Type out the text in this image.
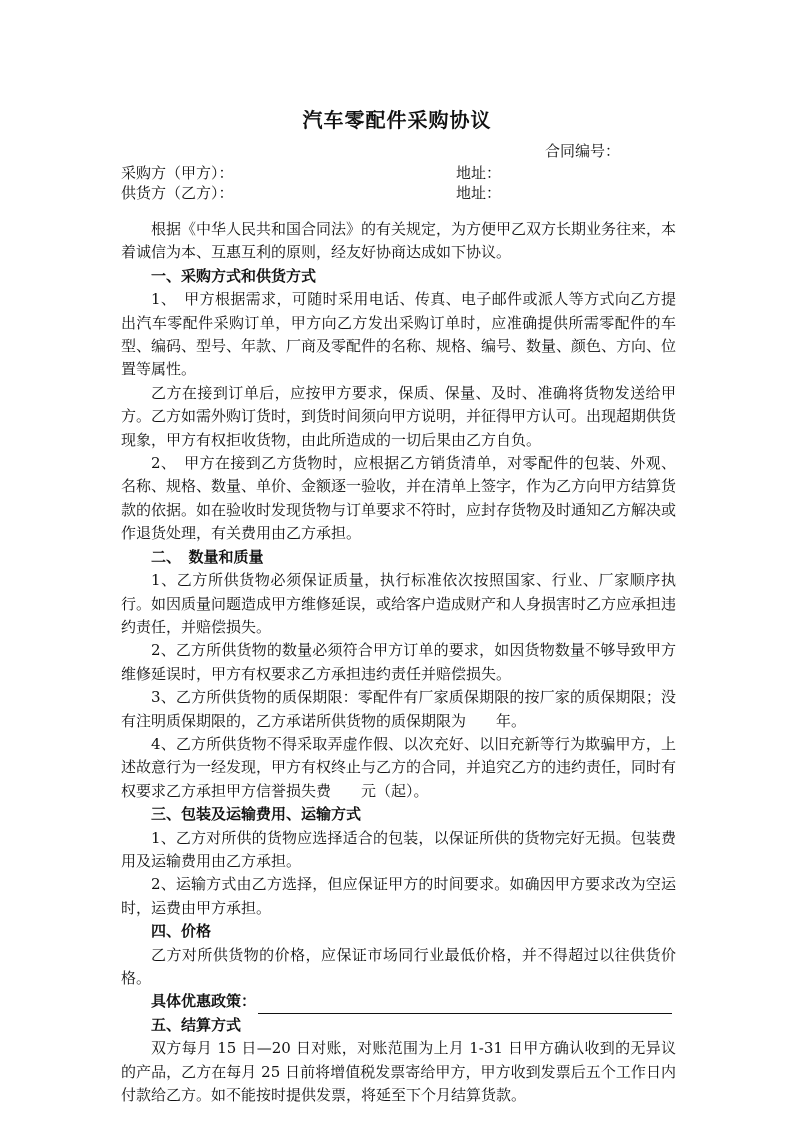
汽车零配件采购协议
合同编号：
采购方（甲方）：	地址：
供货方（乙方）：	地址：

根据《中华人民共和国合同法》的有关规定，为方便甲乙双方长期业务往来，本着诚信为本、互惠互利的原则，经友好协商达成如下协议。

一、采购方式和供货方式

1、　甲方根据需求，可随时采用电话、传真、电子邮件或派人等方式向乙方提出汽车零配件采购订单，甲方向乙方发出采购订单时，应准确提供所需零配件的车型、编码、型号、年款、厂商及零配件的名称、规格、编号、数量、颜色、方向、位置等属性。

乙方在接到订单后，应按甲方要求，保质、保量、及时、准确将货物发送给甲方。乙方如需外购订货时，到货时间须向甲方说明，并征得甲方认可。出现超期供货现象，甲方有权拒收货物，由此所造成的一切后果由乙方自负。

2、　甲方在接到乙方货物时，应根据乙方销货清单，对零配件的包装、外观、名称、规格、数量、单价、金额逐一验收，并在清单上签字，作为乙方向甲方结算货款的依据。如在验收时发现货物与订单要求不符时，应封存货物及时通知乙方解决或作退货处理，有关费用由乙方承担。

二、　数量和质量

1、乙方所供货物必须保证质量，执行标准依次按照国家、行业、厂家顺序执行。如因质量问题造成甲方维修延误，或给客户造成财产和人身损害时乙方应承担违约责任，并赔偿损失。

2、乙方所供货物的数量必须符合甲方订单的要求，如因货物数量不够导致甲方维修延误时，甲方有权要求乙方承担违约责任并赔偿损失。

3、乙方所供货物的质保期限：零配件有厂家质保期限的按厂家的质保期限；没有注明质保期限的，乙方承诺所供货物的质保期限为 年。

4、乙方所供货物不得采取弄虚作假、以次充好、以旧充新等行为欺骗甲方，上述故意行为一经发现，甲方有权终止与乙方的合同，并追究乙方的违约责任，同时有权要求乙方承担甲方信誉损失费 元（起）。

三、包装及运输费用、运输方式

1、乙方对所供的货物应选择适合的包装，以保证所供的货物完好无损。包装费用及运输费用由乙方承担。

2、运输方式由乙方选择，但应保证甲方的时间要求。如确因甲方要求改为空运时，运费由甲方承担。

四、价格

乙方对所供货物的价格，应保证市场同行业最低价格，并不得超过以往供货价格。

具体优惠政策：
五、结算方式

双方每月 15 日—20 日对账，对账范围为上月 1-31 日甲方确认收到的无异议的产品，乙方在每月 25 日前将增值税发票寄给甲方，甲方收到发票后五个工作日内付款给乙方。如不能按时提供发票，将延至下个月结算货款。
